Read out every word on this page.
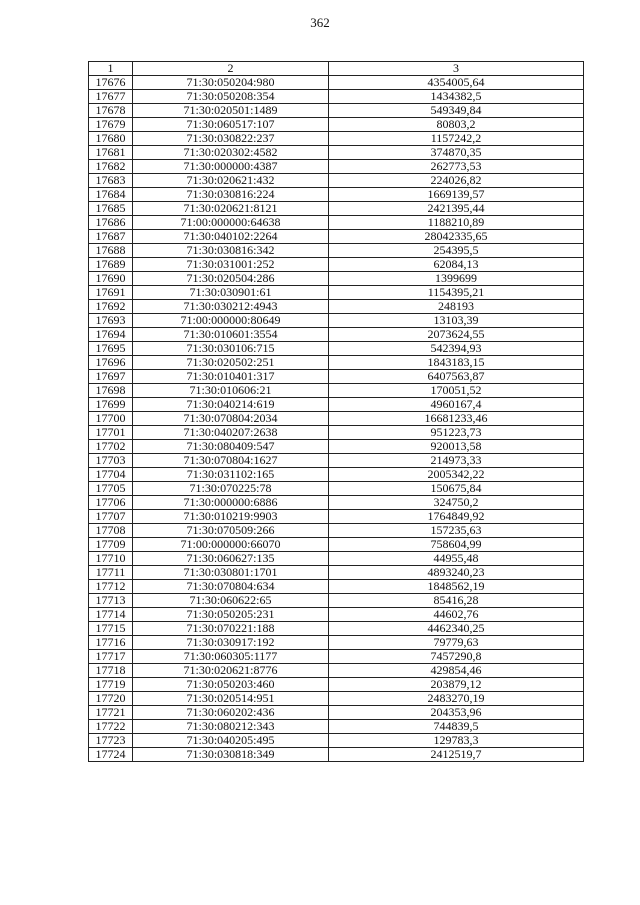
362
1	2	3
17676	71:30:050204:980	4354005,64
17677	71:30:050208:354	1434382,5
17678	71:30:020501:1489	549349,84
17679	71:30:060517:107	80803,2
17680	71:30:030822:237	1157242,2
17681	71:30:020302:4582	374870,35
17682	71:30:000000:4387	262773,53
17683	71:30:020621:432	224026,82
17684	71:30:030816:224	1669139,57
17685	71:30:020621:8121	2421395,44
17686	71:00:000000:64638	1188210,89
17687	71:30:040102:2264	28042335,65
17688	71:30:030816:342	254395,5
17689	71:30:031001:252	62084,13
17690	71:30:020504:286	1399699
17691	71:30:030901:61	1154395,21
17692	71:30:030212:4943	248193
17693	71:00:000000:80649	13103,39
17694	71:30:010601:3554	2073624,55
17695	71:30:030106:715	542394,93
17696	71:30:020502:251	1843183,15
17697	71:30:010401:317	6407563,87
17698	71:30:010606:21	170051,52
17699	71:30:040214:619	4960167,4
17700	71:30:070804:2034	16681233,46
17701	71:30:040207:2638	951223,73
17702	71:30:080409:547	920013,58
17703	71:30:070804:1627	214973,33
17704	71:30:031102:165	2005342,22
17705	71:30:070225:78	150675,84
17706	71:30:000000:6886	324750,2
17707	71:30:010219:9903	1764849,92
17708	71:30:070509:266	157235,63
17709	71:00:000000:66070	758604,99
17710	71:30:060627:135	44955,48
17711	71:30:030801:1701	4893240,23
17712	71:30:070804:634	1848562,19
17713	71:30:060622:65	85416,28
17714	71:30:050205:231	44602,76
17715	71:30:070221:188	4462340,25
17716	71:30:030917:192	79779,63
17717	71:30:060305:1177	7457290,8
17718	71:30:020621:8776	429854,46
17719	71:30:050203:460	203879,12
17720	71:30:020514:951	2483270,19
17721	71:30:060202:436	204353,96
17722	71:30:080212:343	744839,5
17723	71:30:040205:495	129783,3
17724	71:30:030818:349	2412519,7
